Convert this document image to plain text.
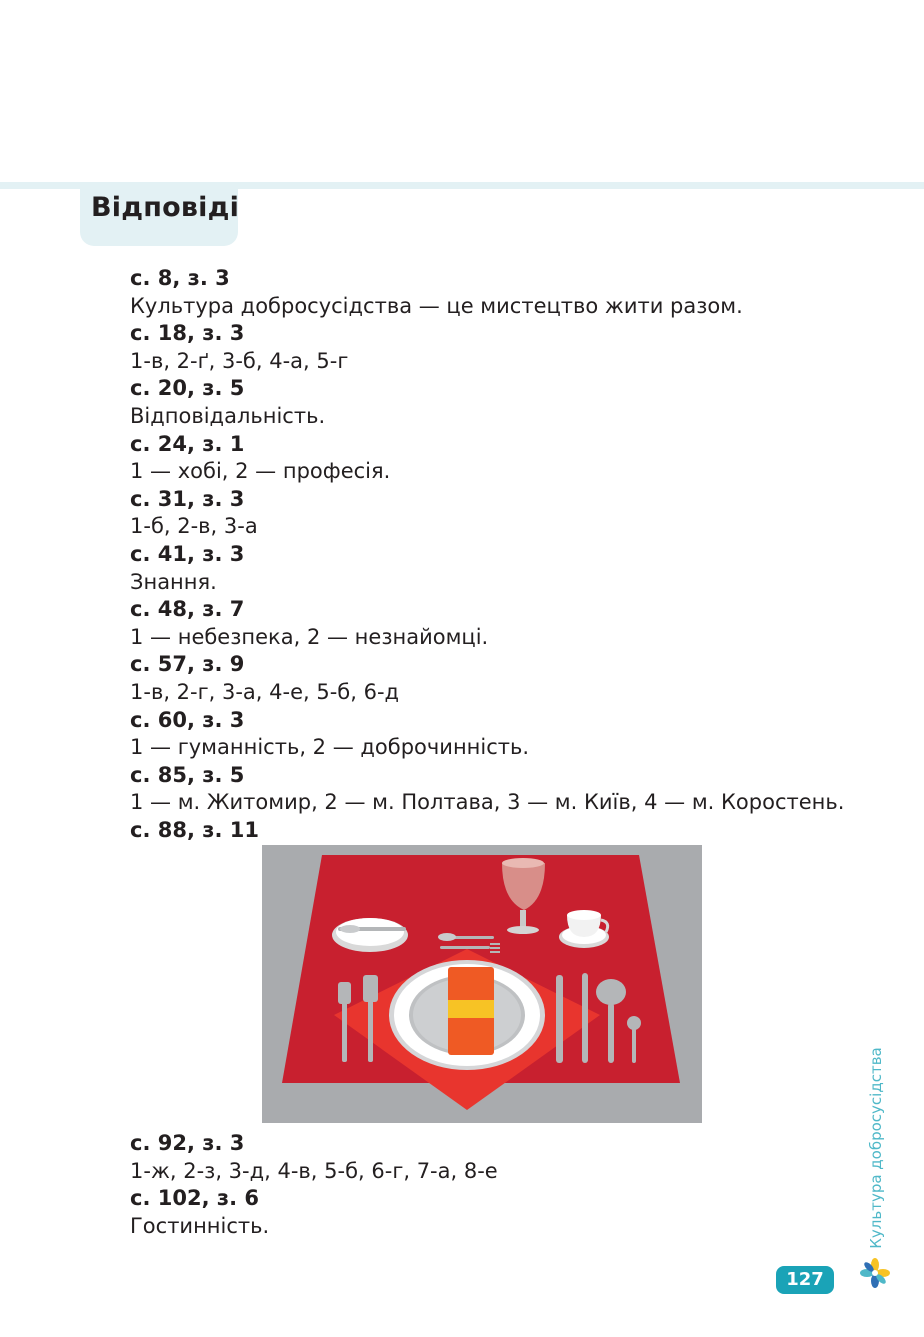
Відповіді
с. 8, з. 3
Культура добросусідства — це мистецтво жити разом.
с. 18, з. 3
1-в, 2-ґ, 3-б, 4-а, 5-г
с. 20, з. 5
Відповідальність.
с. 24, з. 1
1 — хобі, 2 — професія.
с. 31, з. 3
1-б, 2-в, 3-а
с. 41, з. 3
Знання.
с. 48, з. 7
1 — небезпека, 2 — незнайомці.
с. 57, з. 9
1-в, 2-г, 3-а, 4-е, 5-б, 6-д
с. 60, з. 3
1 — гуманність, 2 — доброчинність.
с. 85, з. 5
1 — м. Житомир, 2 — м. Полтава, 3 — м. Київ, 4 — м. Коростень.
с. 88, з. 11
с. 92, з. 3
1-ж, 2-з, 3-д, 4-в, 5-б, 6-г, 7-а, 8-е
с. 102, з. 6
Гостинність.	Культура добросусідства
127
